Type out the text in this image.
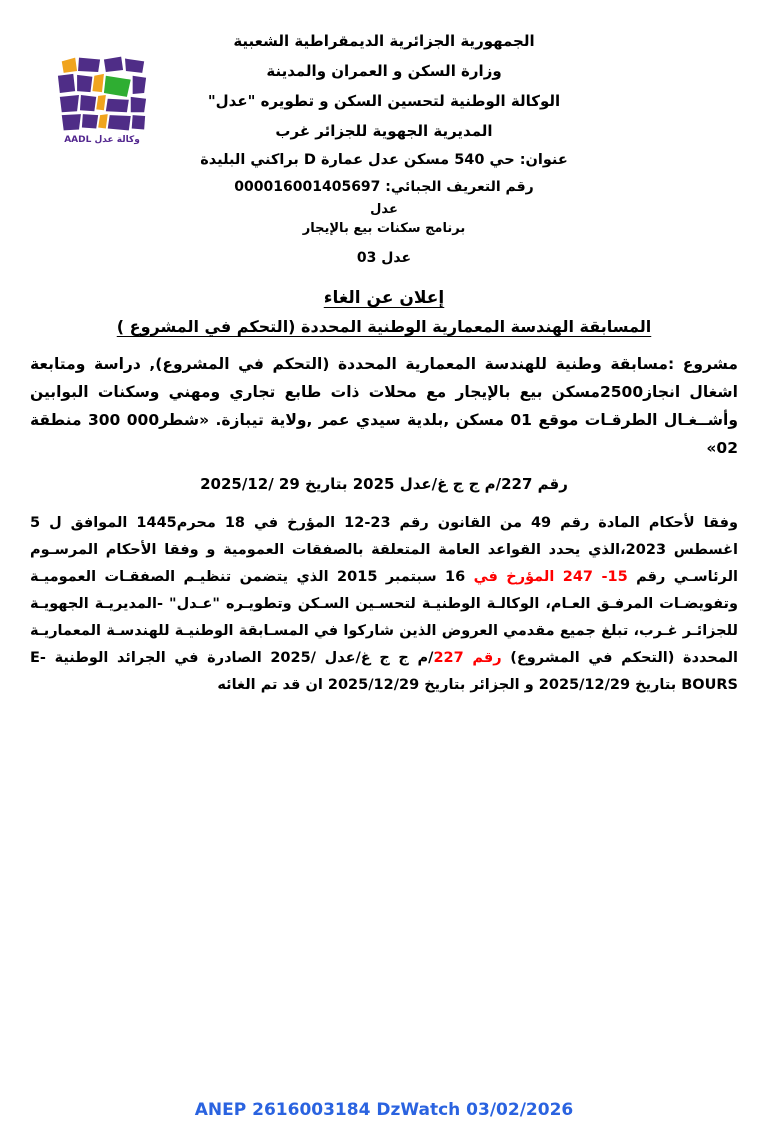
وكالة عدل AADL
الجمهورية الجزائرية الديمقراطية الشعبية
وزارة السكن و العمران والمدينة
الوكالة الوطنية لتحسين السكن و تطويره "عدل"
المديرية الجهوية للجزائر غرب
عنوان: حي 540 مسكن عدل عمارة D براكني البليدة
رقم التعريف الجبائي: 000016001405697
عدل
برنامج سكنات بيع بالإيجار
عدل 03
إعلان عن الغاء
المسابقة الهندسة المعمارية الوطنية المحددة (التحكم في المشروع )

مشروع :مسابقة وطنية للهندسة المعمارية المحددة (التحكم في المشروع), دراسة ومتابعة اشغال انجاز2500مسكن بيع بالإيجار مع محلات ذات طابع تجاري ومهني وسكنات البوابين وأشــغـال الطرقـات موقع 01 مسكن ,بلدية سيدي عمر ,ولاية تيبازة. «شطر000 300 منطقة 02»

رقم 227/م ج ج غ/عدل 2025 بتاريخ 29 /2025/12

وفقا لأحكام المادة رقم 49 من القانون رقم 23-12 المؤرخ في 18 محرم1445 الموافق ل 5 اغسطس 2023،الذي يحدد القواعد العامة المتعلقة بالصفقات العمومية و وفقا الأحكام المرسـوم الرئاسـي رقم 15- 247 المؤرخ في 16 سبتمبر 2015 الذي يتضمن تنظيـم الصفقـات العموميـة وتفويضـات المرفـق العـام، الوكالـة الوطنيـة لتحسـين السـكن وتطويـره "عـدل" -المديريـة الجهويـة للجزائـر غـرب، تبلغ جميع مقدمي العروض الذين شاركوا في المسـابقة الوطنيـة للهندسـة المعماريـة المحددة (التحكم في المشروع) رقم 227/م ج ج غ/عدل /2025 الصادرة في الجرائد الوطنية E-BOURS بتاريخ 2025/12/29 و الجزائر بتاريخ 2025/12/29 ان قد تم الغائه

ANEP 2616003184 DzWatch 03/02/2026
